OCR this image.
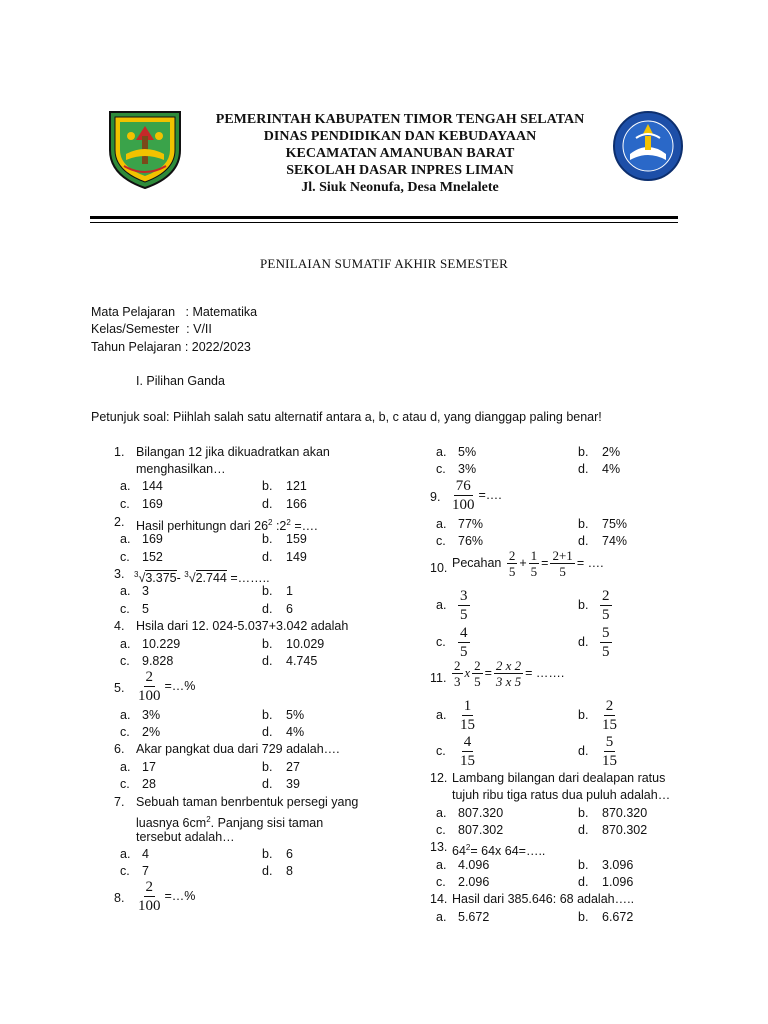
PEMERINTAH KABUPATEN TIMOR TENGAH SELATAN
DINAS PENDIDIKAN DAN KEBUDAYAAN
KECAMATAN AMANUBAN BARAT
SEKOLAH DASAR INPRES LIMAN
Jl. Siuk Neonufa, Desa Mnelalete
PENILAIAN SUMATIF AKHIR SEMESTER
Mata Pelajaran   : Matematika
Kelas/Semester  : V/II
Tahun Pelajaran : 2022/2023
I. Pilihan Ganda
Petunjuk soal: Piihlah salah satu alternatif antara a, b, c atau d, yang dianggap paling benar!
1. Bilangan 12 jika dikuadratkan akan
menghasilkan…
a. 144	b. 121
c. 169	d. 166
2. Hasil perhitungn dari $26^2$ $:2^2$ =….
a. 169	b. 159
c. 152	d. 149
3. $^3$√3.375- $^3$√2.744 =……..
a. 3	b. 1
c. 5	d. 6
4. Hsila dari 12. 024-5.037+3.042 adalah
a. 10.229	b. 10.029
c. 9.828	d. 4.745
5. $\frac{2}{100}$ =…%
a. 3%	b. 5%
c. 2%	d. 4%
6. Akar pangkat dua dari 729 adalah….
a. 17	b. 27
c. 28	d. 39
7. Sebuah taman benrbentuk persegi yang
luasnya $6cm^2$. Panjang sisi taman
tersebut adalah…
a. 4	b. 6
c. 7	d. 8
8. $\frac{2}{100}$ =…%
a. 5%	b. 2%
c. 3%	d. 4%
9. $\frac{76}{100}$ =….
a. 77%	b. 75%
c. 76%	d. 74%
10. Pecahan $\frac{2}{5} + \frac{1}{5} = \frac{2+1}{5}$ = ….
a. $\frac{3}{5}$	b. $\frac{2}{5}$
c. $\frac{4}{5}$	d. $\frac{5}{5}$
11. $\frac{2}{3}$ x $\frac{2}{5} = \frac{2 x 2}{3 x 5}$ = …….
a. $\frac{1}{15}$	b. $\frac{2}{15}$
c. $\frac{4}{15}$	d. $\frac{5}{15}$
12. Lambang bilangan dari dealapan ratus
tujuh ribu tiga ratus dua puluh adalah…
a. 807.320	b. 870.320
c. 807.302	d. 870.302
13. $64^2= 64x$ 64=…..
a. 4.096	b. 3.096
c. 2.096	d. 1.096
14. Hasil dari 385.646: 68 adalah…..
a. 5.672	b. 6.672
